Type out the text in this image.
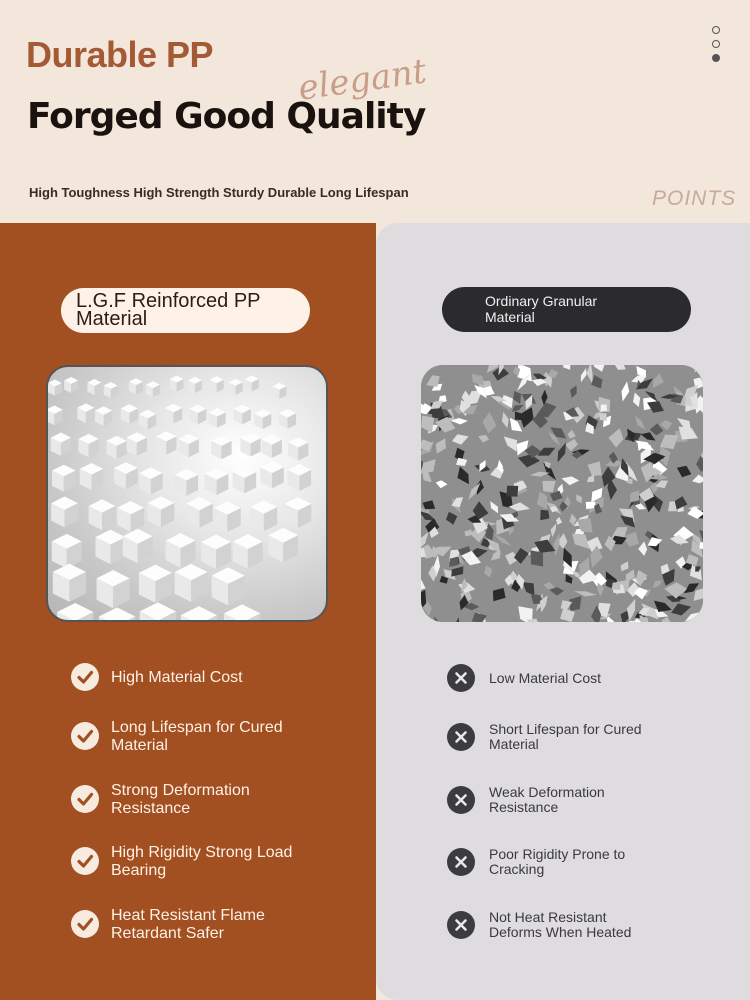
Durable PP
Forged Good Quality
elegant
High Toughness High Strength Sturdy Durable Long Lifespan	POINTS
L.G.F Reinforced PP Material
Ordinary Granular Material
High Material Cost
Long Lifespan for Cured Material
Strong Deformation Resistance
High Rigidity Strong Load Bearing
Heat Resistant Flame Retardant Safer
Low Material Cost
Short Lifespan for Cured Material
Weak Deformation Resistance
Poor Rigidity Prone to Cracking
Not Heat Resistant Deforms When Heated
